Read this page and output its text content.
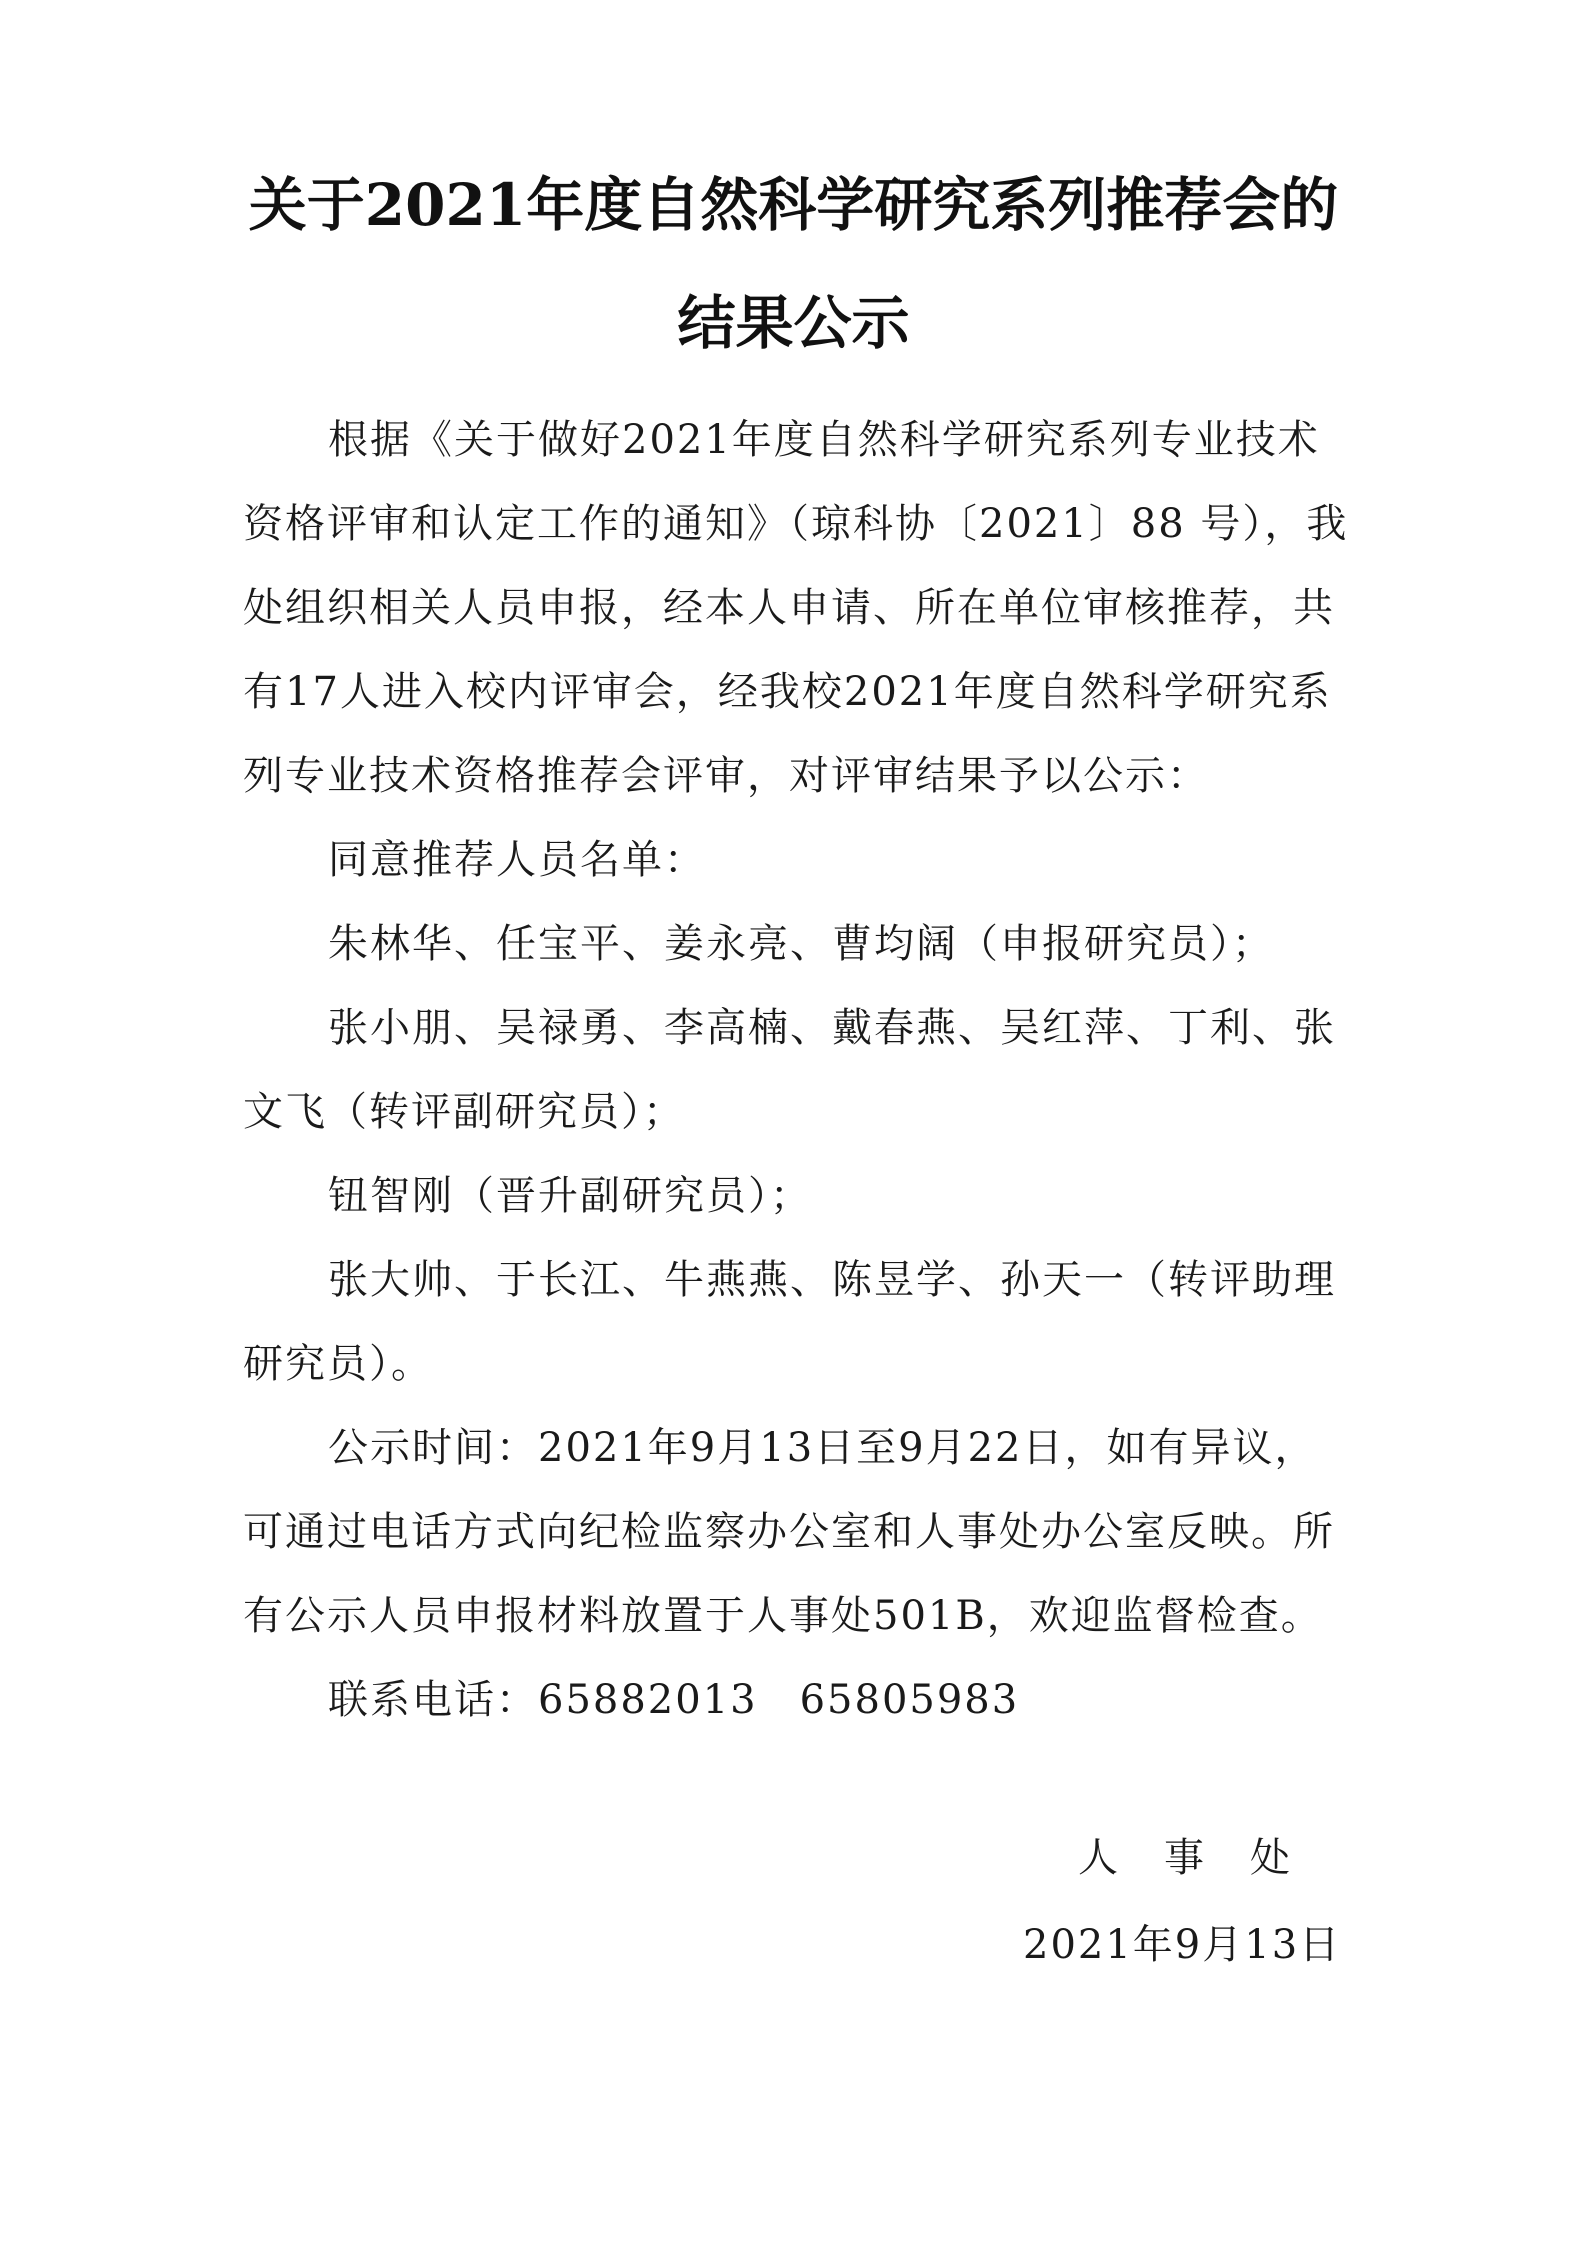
关于2021年度自然科学研究系列推荐会的
结果公示

根据《关于做好2021年度自然科学研究系列专业技术资格评审和认定工作的通知》（琼科协〔2021〕88 号），我处组织相关人员申报，经本人申请、所在单位审核推荐，共有17人进入校内评审会，经我校2021年度自然科学研究系列专业技术资格推荐会评审，对评审结果予以公示：

同意推荐人员名单：

朱林华、任宝平、姜永亮、曹均阔（申报研究员）；

张小朋、吴禄勇、李高楠、戴春燕、吴红萍、丁利、张文飞（转评副研究员）；

钮智刚（晋升副研究员）；

张大帅、于长江、牛燕燕、陈昱学、孙天一（转评助理研究员）。

公示时间：2021年9月13日至9月22日，如有异议，可通过电话方式向纪检监察办公室和人事处办公室反映。所有公示人员申报材料放置于人事处501B，欢迎监督检查。

联系电话：65882013　65805983

人事处
2021年9月13日
